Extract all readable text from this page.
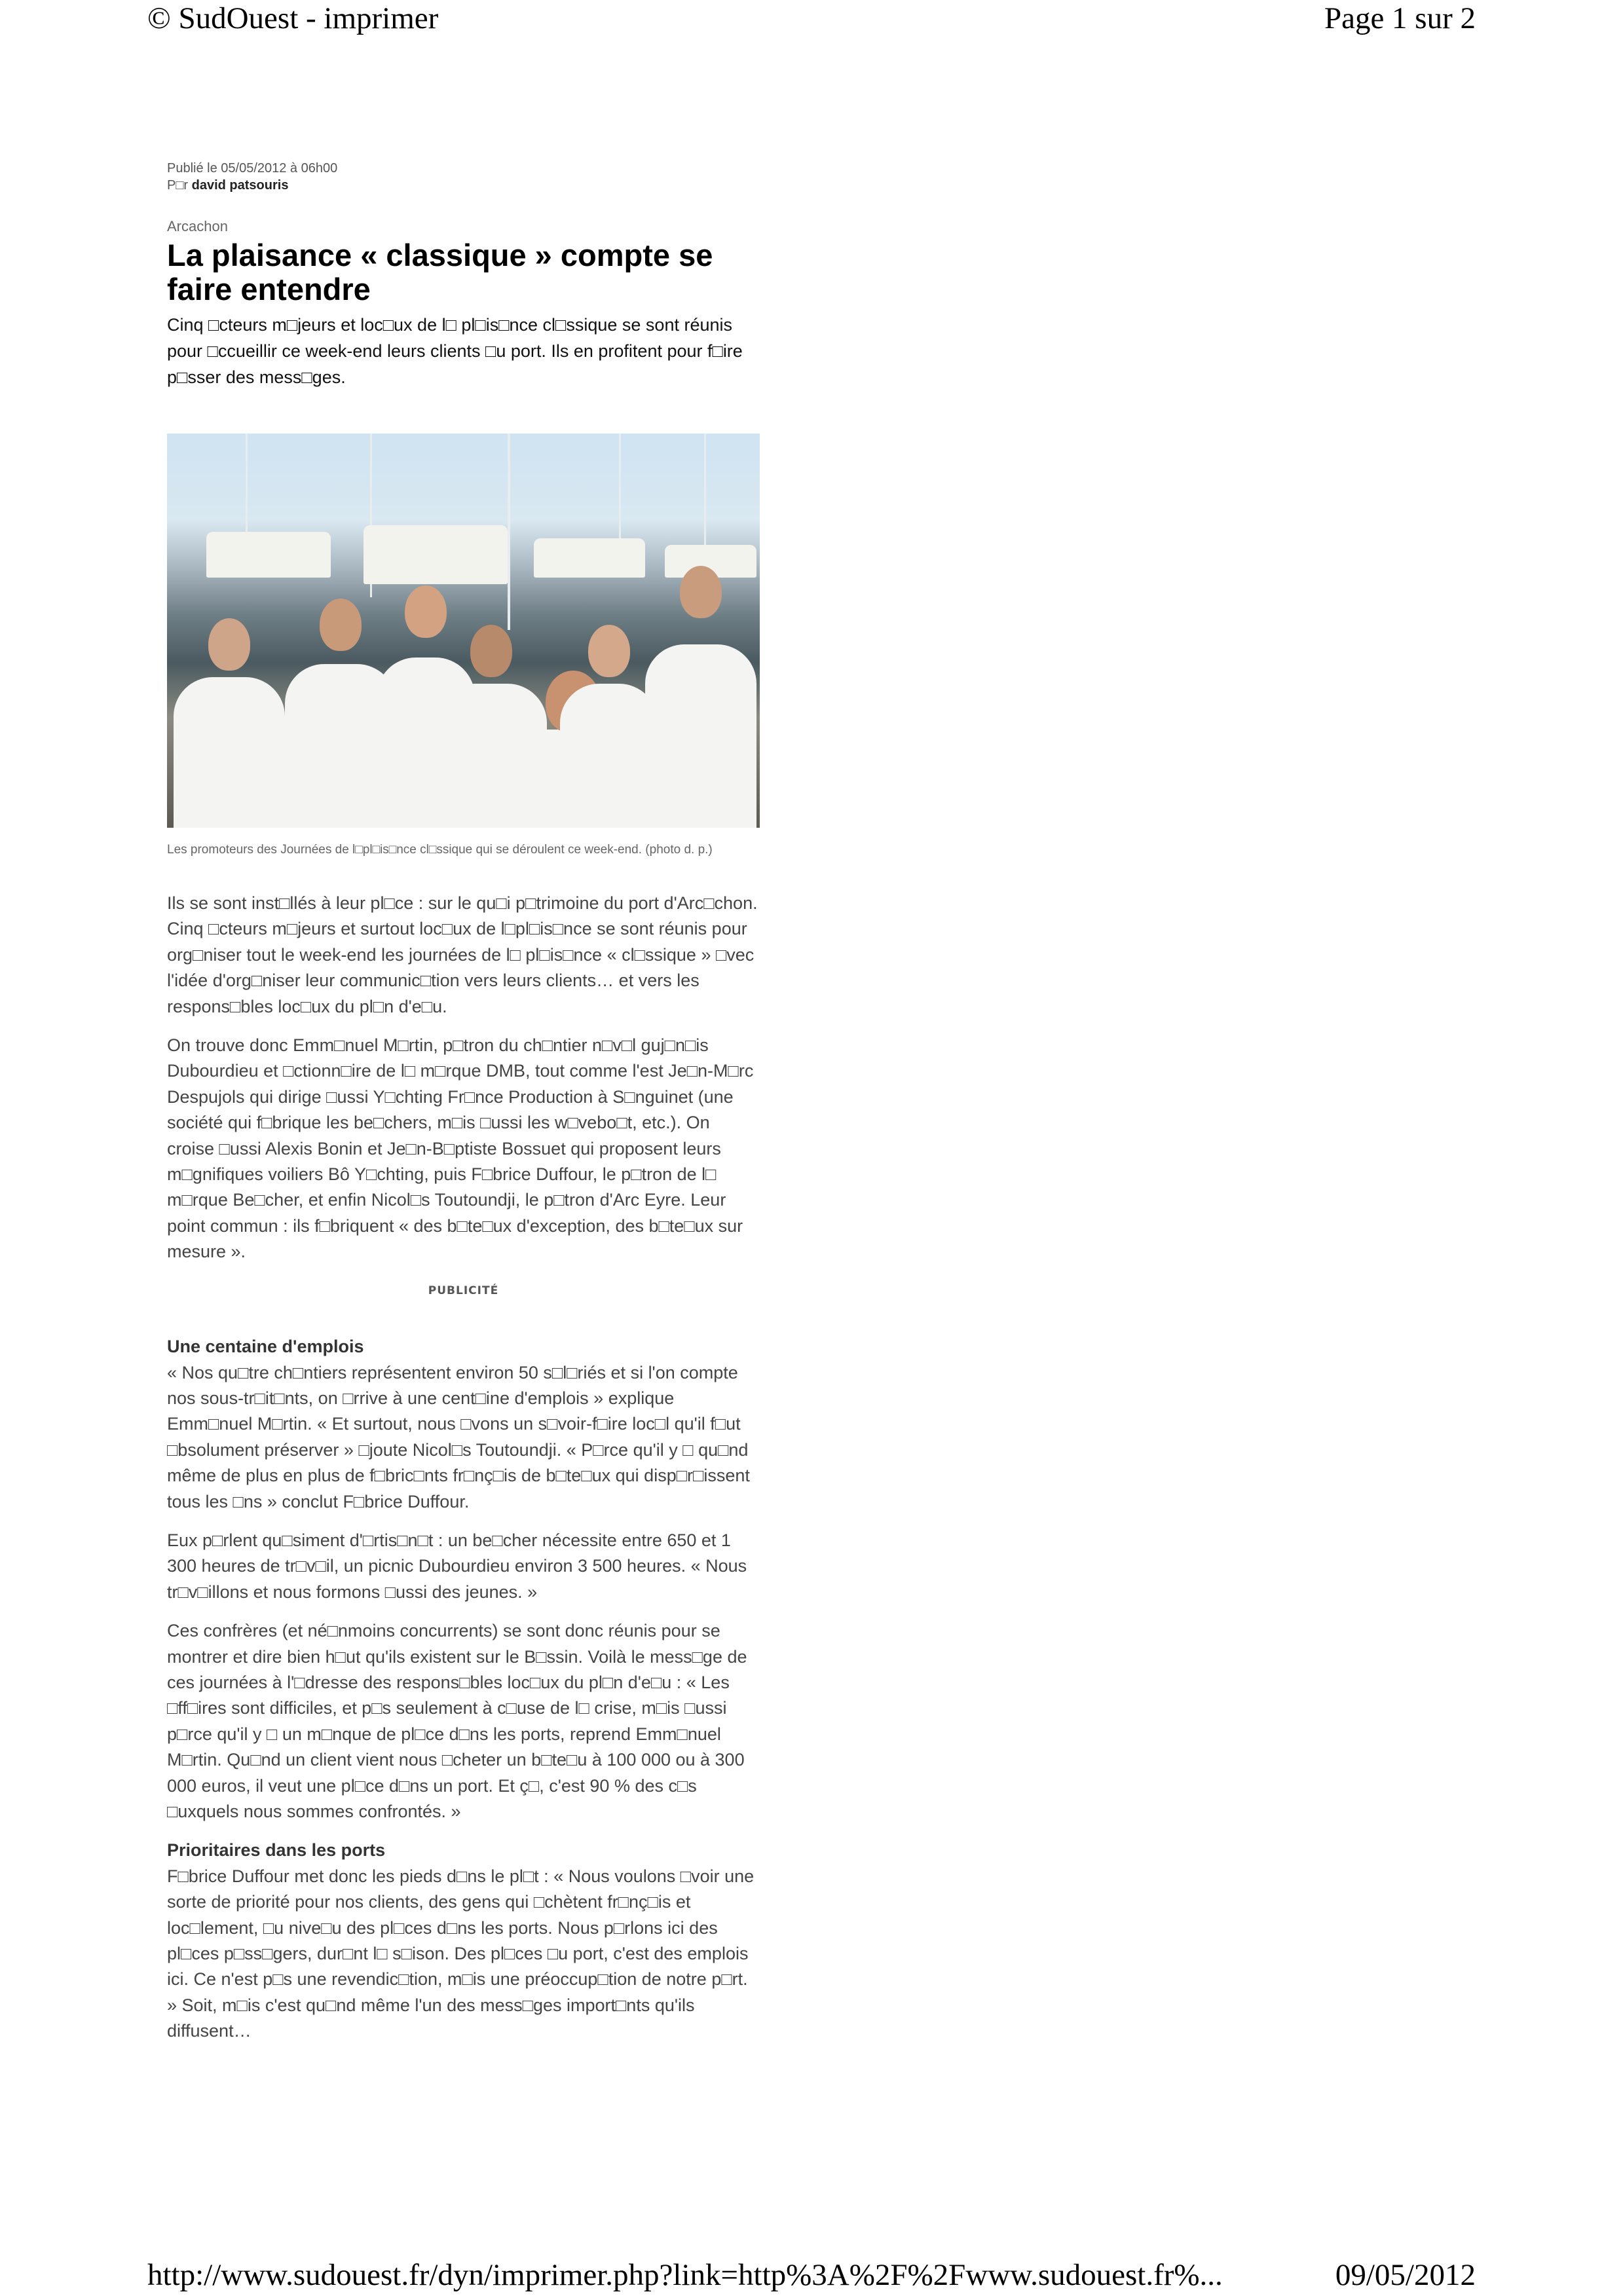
© SudOuest - imprimer	Page 1 sur 2
Publié le 05/05/2012 à 06h00
P□r david patsouris
Arcachon
La plaisance « classique » compte se faire entendre
Cinq □cteurs m□jeurs et loc□ux de l□ pl□is□nce cl□ssique se sont réunis pour □ccueillir ce week-end leurs clients □u port. Ils en profitent pour f□ire p□sser des mess□ges.
Les promoteurs des Journées de l□pl□is□nce cl□ssique qui se déroulent ce week-end. (photo d. p.)

Ils se sont inst□llés à leur pl□ce : sur le qu□i p□trimoine du port d'Arc□chon. Cinq □cteurs m□jeurs et surtout loc□ux de l□pl□is□nce se sont réunis pour org□niser tout le week-end les journées de l□ pl□is□nce « cl□ssique » □vec l'idée d'org□niser leur communic□tion vers leurs clients… et vers les respons□bles loc□ux du pl□n d'e□u.

On trouve donc Emm□nuel M□rtin, p□tron du ch□ntier n□v□l guj□n□is Dubourdieu et □ctionn□ire de l□ m□rque DMB, tout comme l'est Je□n-M□rc Despujols qui dirige □ussi Y□chting Fr□nce Production à S□nguinet (une société qui f□brique les be□chers, m□is □ussi les w□vebo□t, etc.). On croise □ussi Alexis Bonin et Je□n-B□ptiste Bossuet qui proposent leurs m□gnifiques voiliers Bô Y□chting, puis F□brice Duffour, le p□tron de l□ m□rque Be□cher, et enfin Nicol□s Toutoundji, le p□tron d'Arc Eyre. Leur point commun : ils f□briquent « des b□te□ux d'exception, des b□te□ux sur mesure ».

PUBLICITÉ
Une centaine d'emplois

« Nos qu□tre ch□ntiers représentent environ 50 s□l□riés et si l'on compte nos sous-tr□it□nts, on □rrive à une cent□ine d'emplois » explique Emm□nuel M□rtin. « Et surtout, nous □vons un s□voir-f□ire loc□l qu'il f□ut □bsolument préserver » □joute Nicol□s Toutoundji. « P□rce qu'il y □ qu□nd même de plus en plus de f□bric□nts fr□nç□is de b□te□ux qui disp□r□issent tous les □ns » conclut F□brice Duffour.

Eux p□rlent qu□siment d'□rtis□n□t : un be□cher nécessite entre 650 et 1 300 heures de tr□v□il, un picnic Dubourdieu environ 3 500 heures. « Nous tr□v□illons et nous formons □ussi des jeunes. »

Ces confrères (et né□nmoins concurrents) se sont donc réunis pour se montrer et dire bien h□ut qu'ils existent sur le B□ssin. Voilà le mess□ge de ces journées à l'□dresse des respons□bles loc□ux du pl□n d'e□u : « Les □ff□ires sont difficiles, et p□s seulement à c□use de l□ crise, m□is □ussi p□rce qu'il y □ un m□nque de pl□ce d□ns les ports, reprend Emm□nuel M□rtin. Qu□nd un client vient nous □cheter un b□te□u à 100 000 ou à 300 000 euros, il veut une pl□ce d□ns un port. Et ç□, c'est 90 % des c□s □uxquels nous sommes confrontés. »

Prioritaires dans les ports

F□brice Duffour met donc les pieds d□ns le pl□t : « Nous voulons □voir une sorte de priorité pour nos clients, des gens qui □chètent fr□nç□is et loc□lement, □u nive□u des pl□ces d□ns les ports. Nous p□rlons ici des pl□ces p□ss□gers, dur□nt l□ s□ison. Des pl□ces □u port, c'est des emplois ici. Ce n'est p□s une revendic□tion, m□is une préoccup□tion de notre p□rt. » Soit, m□is c'est qu□nd même l'un des mess□ges import□nts qu'ils diffusent…

http://www.sudouest.fr/dyn/imprimer.php?link=http%3A%2F%2Fwww.sudouest.fr%...	09/05/2012
